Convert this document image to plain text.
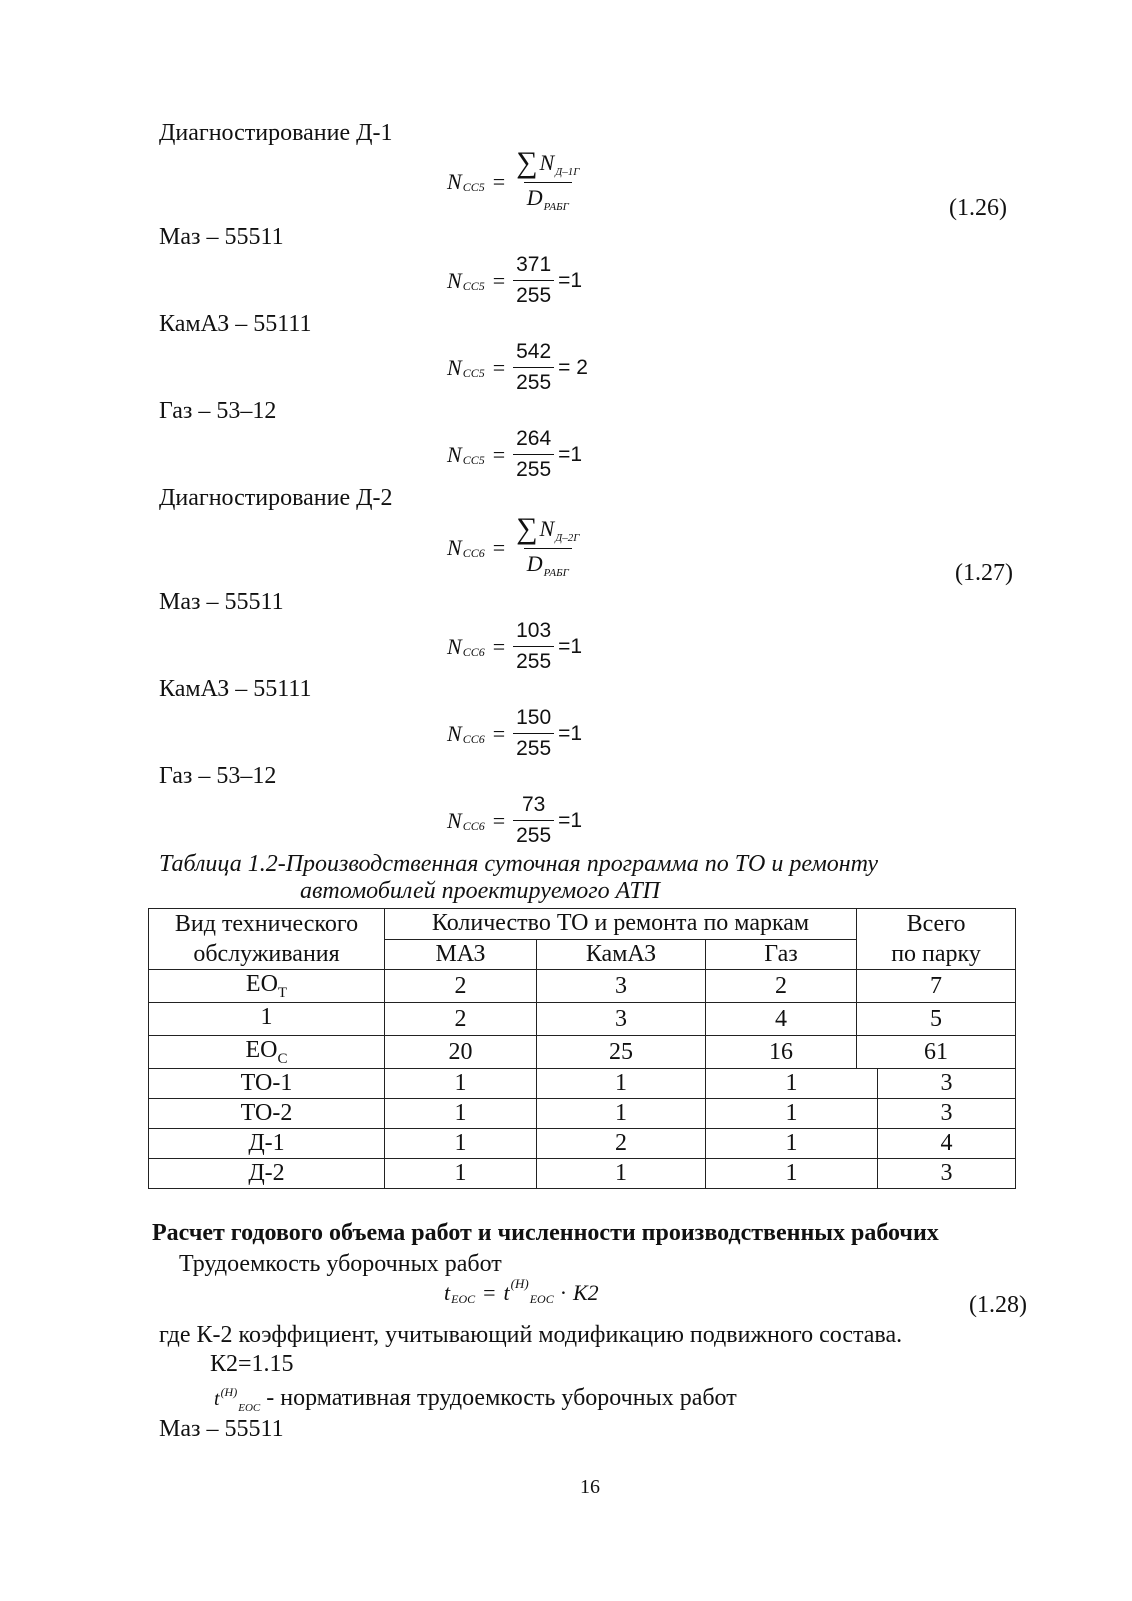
Диагностирование Д-1
N $CC5 = \frac{\sum N_{Д-1Г}}{D_{РАБГ}}$	(1.26)
Маз – 55511
N $CC5 = \frac{371}{255} =1$
КамАЗ – 55111
N $CC5 = \frac{542}{255} = 2$
Газ – 53–12
N $CC5 = \frac{264}{255} =1$
Диагностирование Д-2
N $CC6 = \frac{\sum N_{Д-2Г}}{D_{РАБГ}}$	(1.27)
Маз – 55511
N $CC6 = \frac{103}{255} =1$
КамАЗ – 55111
N $CC6 = \frac{150}{255} =1$
Газ – 53–12
N $CC6 = \frac{73}{255} =1$
Таблица 1.2-Производственная суточная программа по ТО и ремонту
автомобилей проектируемого АТП
Вид технического
обслуживания	Количество ТО и ремонта по маркам			Всего
по парку	
	МАЗ	КамАЗ	Газ		
$ЕО_Т$	2	3	2	7	
1	2	3	4	5	
$ЕО_С$	20	25	16	61	
ТО-1	1	1	1		3
ТО-2	1	1	1		3
Д-1	1	2	1		4
Д-2	1	1	1		3
Расчет годового объема работ и численности производственных рабочих
Трудоемкость уборочных работ
t ЕОС = t (Н)
ЕОС · К2	(1.28)
где К-2 коэффициент, учитывающий модификацию подвижного состава.
К2=1.15
$t^{(Н)}_{ЕОС}$ - нормативная трудоемкость уборочных работ
Маз – 55511
16
